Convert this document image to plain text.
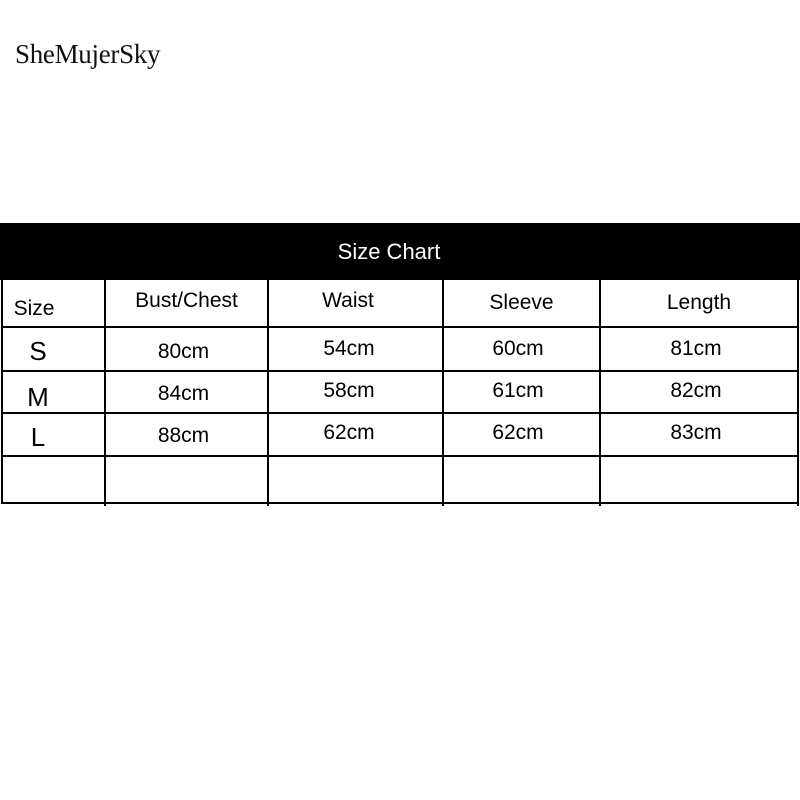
SheMujerSky
Size Chart
Size	Bust/Chest	Waist	Sleeve	Length
S	80cm	54cm	60cm	81cm
M	84cm	58cm	61cm	82cm
L	88cm	62cm	62cm	83cm
